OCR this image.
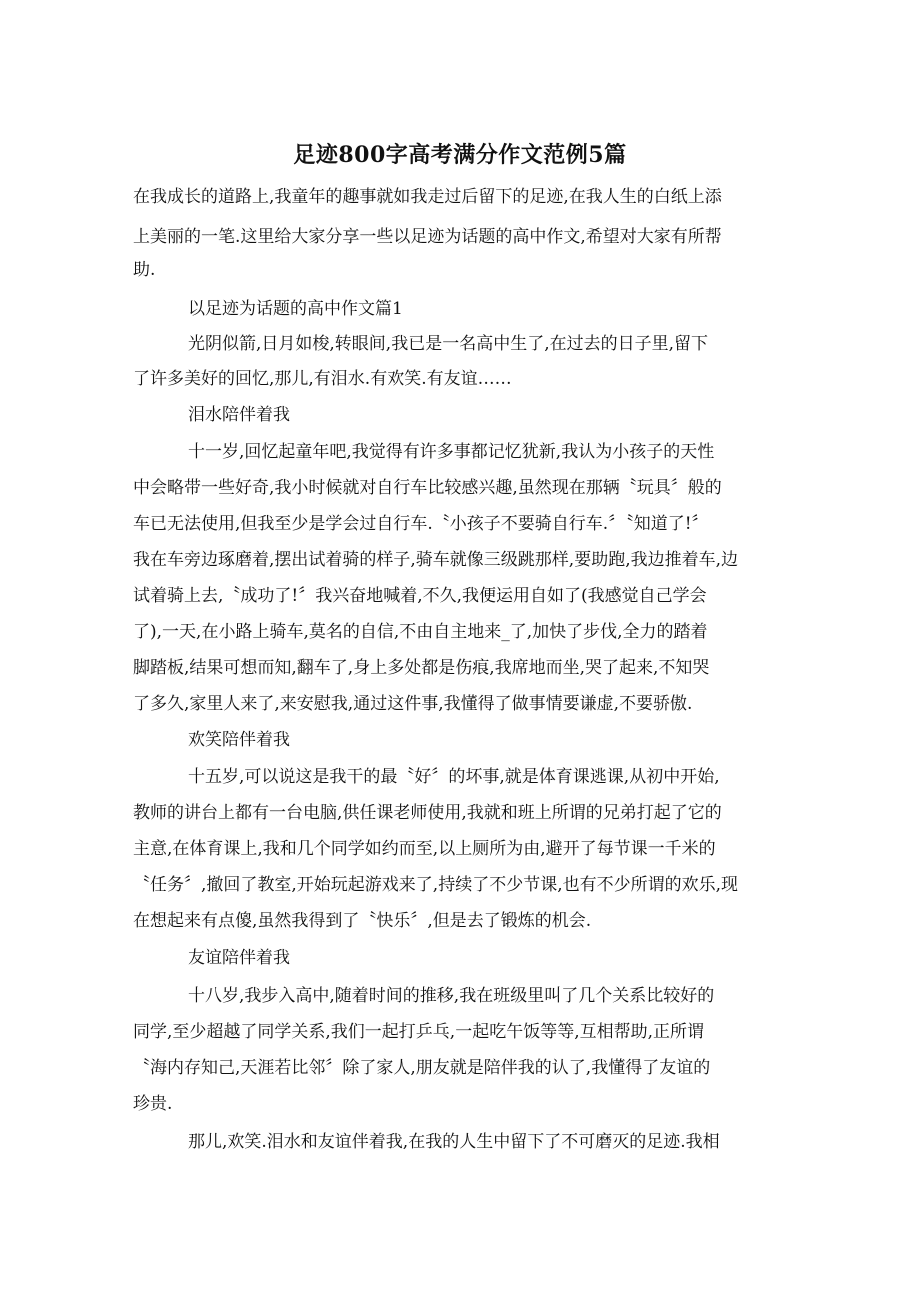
足迹800字高考满分作文范例5篇

在我成长的道路上,我童年的趣事就如我走过后留下的足迹,在我人生的白纸上添

上美丽的一笔.这里给大家分享一些以足迹为话题的高中作文,希望对大家有所帮

助.

以足迹为话题的高中作文篇1

光阴似箭,日月如梭,转眼间,我已是一名高中生了,在过去的日子里,留下

了许多美好的回忆,那儿,有泪水.有欢笑.有友谊……

泪水陪伴着我

十一岁,回忆起童年吧,我觉得有许多事都记忆犹新,我认为小孩子的天性

中会略带一些好奇,我小时候就对自行车比较感兴趣,虽然现在那辆〝玩具〞般的

车已无法使用,但我至少是学会过自行车.〝小孩子不要骑自行车.〞〝知道了!〞

我在车旁边琢磨着,摆出试着骑的样子,骑车就像三级跳那样,要助跑,我边推着车,边

试着骑上去,〝成功了!〞我兴奋地喊着,不久,我便运用自如了(我感觉自己学会

了),一天,在小路上骑车,莫名的自信,不由自主地来_了,加快了步伐,全力的踏着

脚踏板,结果可想而知,翻车了,身上多处都是伤痕,我席地而坐,哭了起来,不知哭

了多久,家里人来了,来安慰我,通过这件事,我懂得了做事情要谦虚,不要骄傲.

欢笑陪伴着我

十五岁,可以说这是我干的最〝好〞的坏事,就是体育课逃课,从初中开始,

教师的讲台上都有一台电脑,供任课老师使用,我就和班上所谓的兄弟打起了它的

主意,在体育课上,我和几个同学如约而至,以上厕所为由,避开了每节课一千米的

〝任务〞,撤回了教室,开始玩起游戏来了,持续了不少节课,也有不少所谓的欢乐,现

在想起来有点傻,虽然我得到了〝快乐〞,但是去了锻炼的机会.

友谊陪伴着我

十八岁,我步入高中,随着时间的推移,我在班级里叫了几个关系比较好的

同学,至少超越了同学关系,我们一起打乒乓,一起吃午饭等等,互相帮助,正所谓

〝海内存知己,天涯若比邻〞除了家人,朋友就是陪伴我的认了,我懂得了友谊的

珍贵.

那儿,欢笑.泪水和友谊伴着我,在我的人生中留下了不可磨灭的足迹.我相
